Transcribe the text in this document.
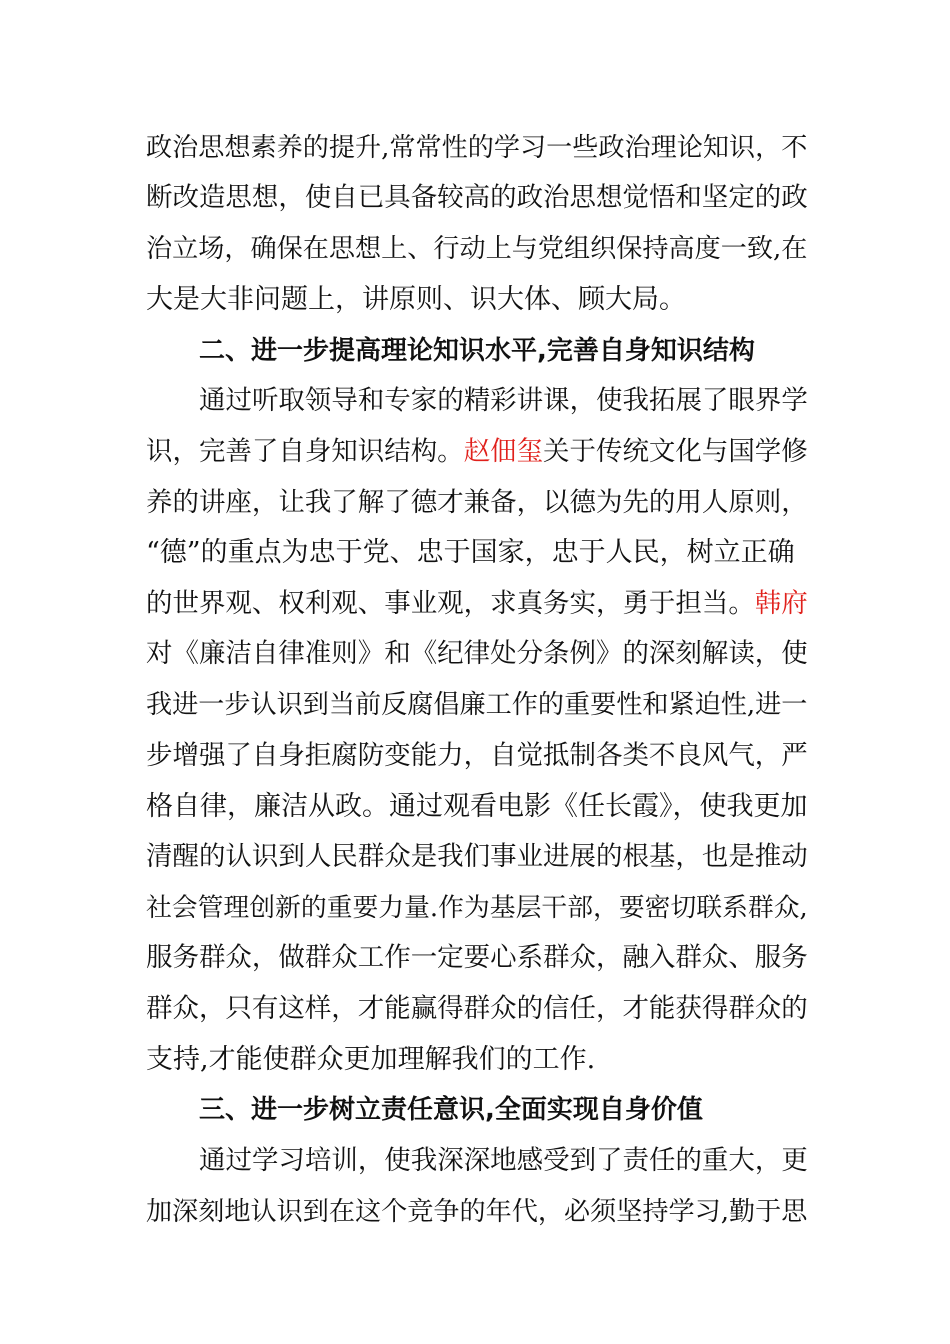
政治思想素养的提升,常常性的学习一些政治理论知识，不
断改造思想，使自已具备较高的政治思想觉悟和坚定的政
治立场，确保在思想上、行动上与党组织保持高度一致,在
大是大非问题上，讲原则、识大体、顾大局。
二、进一步提高理论知识水平,完善自身知识结构
通过听取领导和专家的精彩讲课，使我拓展了眼界学
识，完善了自身知识结构。赵佃玺关于传统文化与国学修
养的讲座，让我了解了德才兼备，以德为先的用人原则，
“德”的重点为忠于党、忠于国家，忠于人民，树立正确
的世界观、权利观、事业观，求真务实，勇于担当。韩府
对《廉洁自律准则》和《纪律处分条例》的深刻解读，使
我进一步认识到当前反腐倡廉工作的重要性和紧迫性,进一
步增强了自身拒腐防变能力，自觉抵制各类不良风气，严
格自律，廉洁从政。通过观看电影《任长霞》，使我更加
清醒的认识到人民群众是我们事业进展的根基，也是推动
社会管理创新的重要力量.作为基层干部，要密切联系群众,
服务群众，做群众工作一定要心系群众，融入群众、服务
群众，只有这样，才能赢得群众的信任，才能获得群众的
支持,才能使群众更加理解我们的工作.
三、进一步树立责任意识,全面实现自身价值
通过学习培训，使我深深地感受到了责任的重大，更
加深刻地认识到在这个竞争的年代，必须坚持学习,勤于思
